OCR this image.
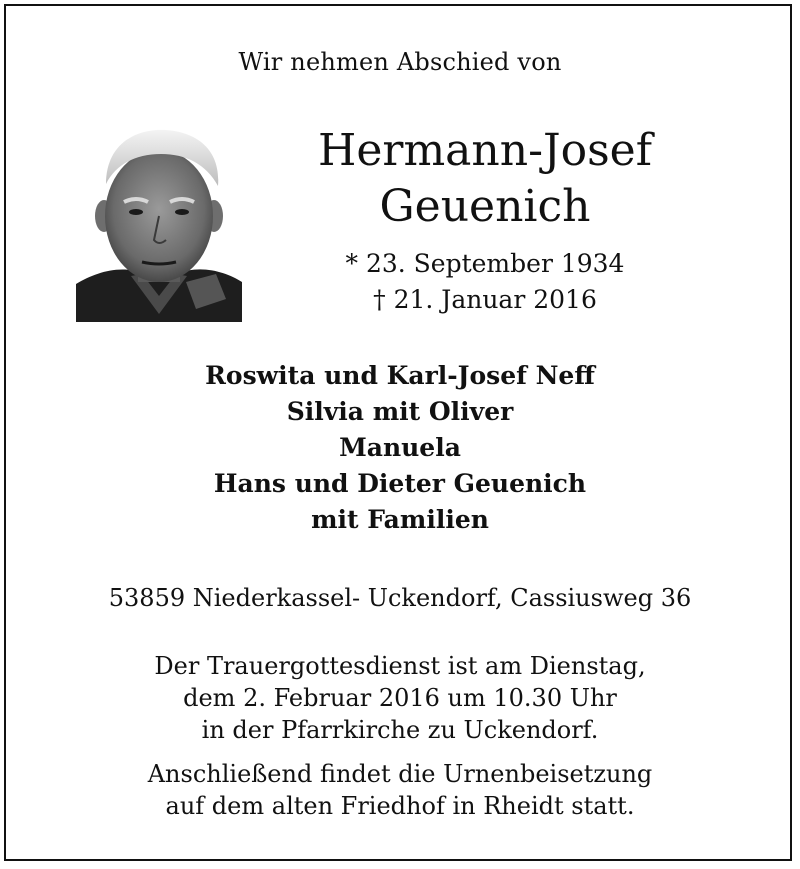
Wir nehmen Abschied von
Hermann-Josef
Geuenich
* 23. September 1934
† 21. Januar 2016
Roswita und Karl-Josef Neff
Silvia mit Oliver
Manuela
Hans und Dieter Geuenich
mit Familien
53859 Niederkassel- Uckendorf, Cassiusweg 36
Der Trauergottesdienst ist am Dienstag,
dem 2. Februar 2016 um 10.30 Uhr
in der Pfarrkirche zu Uckendorf.
Anschließend findet die Urnenbeisetzung
auf dem alten Friedhof in Rheidt statt.
